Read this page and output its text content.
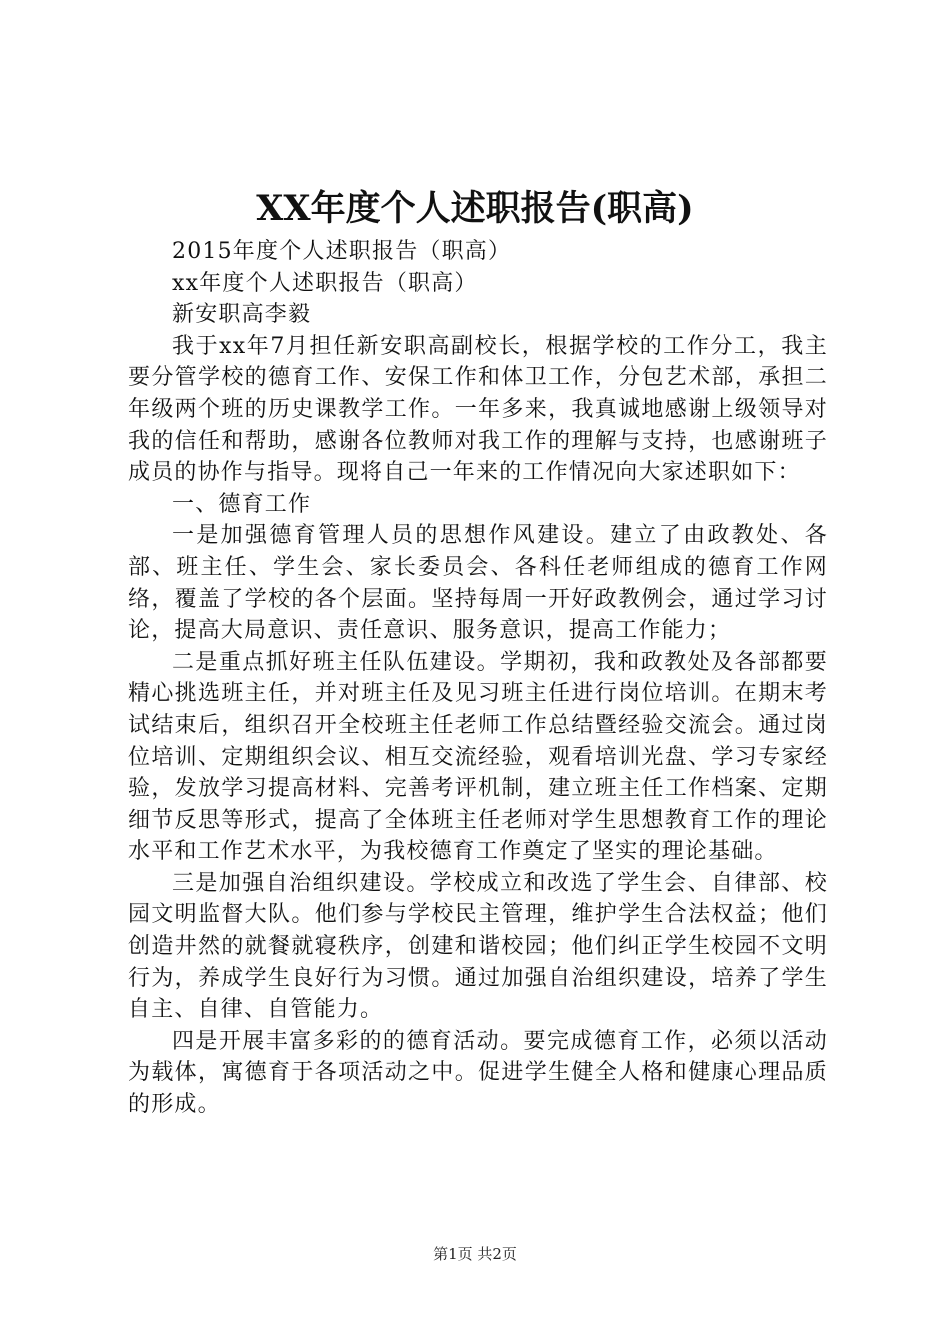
XX年度个人述职报告(职高)

2015年度个人述职报告（职高）

xx年度个人述职报告（职高）

新安职高李毅

我于xx年7月担任新安职高副校长，根据学校的工作分工，我主要分管学校的德育工作、安保工作和体卫工作，分包艺术部，承担二年级两个班的历史课教学工作。一年多来，我真诚地感谢上级领导对我的信任和帮助，感谢各位教师对我工作的理解与支持，也感谢班子成员的协作与指导。现将自己一年来的工作情况向大家述职如下：

一、德育工作

一是加强德育管理人员的思想作风建设。建立了由政教处、各部、班主任、学生会、家长委员会、各科任老师组成的德育工作网络，覆盖了学校的各个层面。坚持每周一开好政教例会，通过学习讨论，提高大局意识、责任意识、服务意识，提高工作能力；

二是重点抓好班主任队伍建设。学期初，我和政教处及各部都要精心挑选班主任，并对班主任及见习班主任进行岗位培训。在期末考试结束后，组织召开全校班主任老师工作总结暨经验交流会。通过岗位培训、定期组织会议、相互交流经验，观看培训光盘、学习专家经验，发放学习提高材料、完善考评机制，建立班主任工作档案、定期细节反思等形式，提高了全体班主任老师对学生思想教育工作的理论水平和工作艺术水平，为我校德育工作奠定了坚实的理论基础。

三是加强自治组织建设。学校成立和改选了学生会、自律部、校园文明监督大队。他们参与学校民主管理，维护学生合法权益；他们创造井然的就餐就寝秩序，创建和谐校园；他们纠正学生校园不文明行为，养成学生良好行为习惯。通过加强自治组织建设，培养了学生自主、自律、自管能力。

四是开展丰富多彩的的德育活动。要完成德育工作，必须以活动为载体，寓德育于各项活动之中。促进学生健全人格和健康心理品质的形成。

第1页 共2页
